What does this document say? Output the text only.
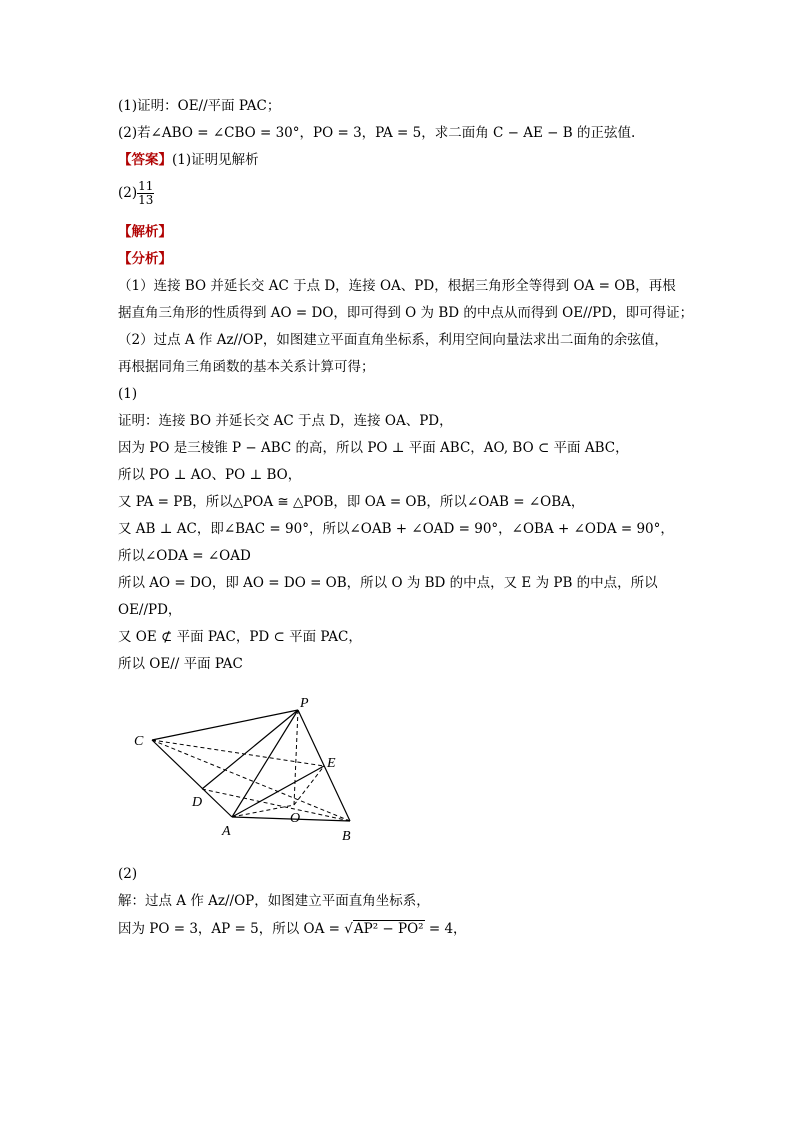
(1)证明：OE//平面 PAC；
(2)若∠ABO = ∠CBO = 30°，PO = 3，PA = 5，求二面角 C − AE − B 的正弦值.
【答案】(1)证明见解析
$(2) \frac{11}{13}$
【解析】
【分析】
（1）连接 BO 并延长交 AC 于点 D，连接 OA、PD，根据三角形全等得到 OA = OB，再根
据直角三角形的性质得到 AO = DO，即可得到 O 为 BD 的中点从而得到 OE//PD，即可得证；
（2）过点 A 作 Az//OP，如图建立平面直角坐标系，利用空间向量法求出二面角的余弦值，
再根据同角三角函数的基本关系计算可得；
(1)
证明：连接 BO 并延长交 AC 于点 D，连接 OA、PD，
因为 PO 是三棱锥 P − ABC 的高，所以 PO ⊥ 平面 ABC，AO, BO ⊂ 平面 ABC，
所以 PO ⊥ AO、PO ⊥ BO，
又 PA = PB，所以△POA ≅ △POB，即 OA = OB，所以∠OAB = ∠OBA，
又 AB ⊥ AC，即∠BAC = 90°，所以∠OAB + ∠OAD = 90°，∠OBA + ∠ODA = 90°，
所以∠ODA = ∠OAD
所以 AO = DO，即 AO = DO = OB，所以 O 为 BD 的中点，又 E 为 PB 的中点，所以
OE//PD，
又 OE ⊄ 平面 PAC，PD ⊂ 平面 PAC，
所以 OE// 平面 PAC
P
C
E
D
O
A	B
(2)
解：过点 A 作 Az//OP，如图建立平面直角坐标系，
因为 PO = 3，AP = 5，所以 OA = √AP² − PO² = 4，
